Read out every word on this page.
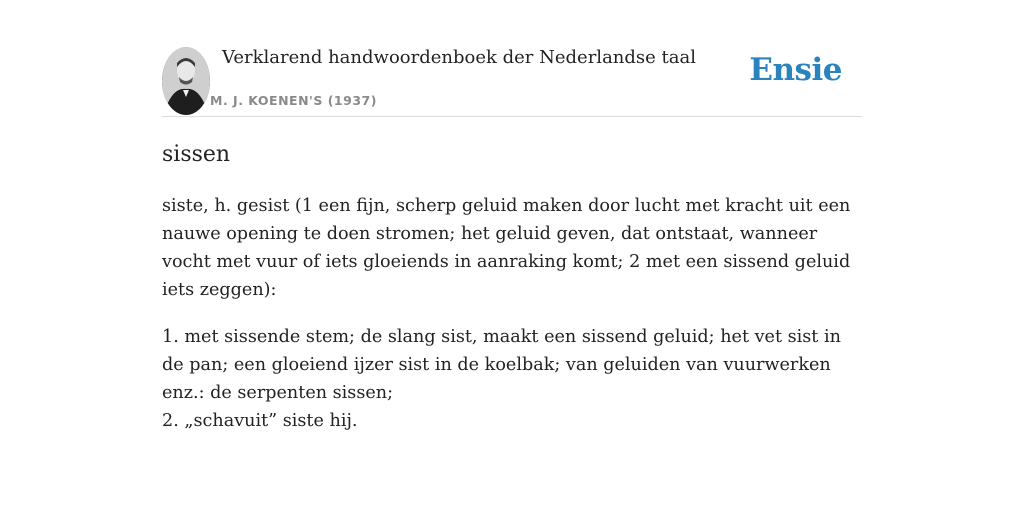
Verklarend handwoordenboek der Nederlandse taal
M. J. KOENEN'S (1937)
Ensie
sissen

siste, h. gesist (1 een fijn, scherp geluid maken door lucht met kracht uit een nauwe opening te doen stromen; het geluid geven, dat ontstaat, wanneer vocht met vuur of iets gloeiends in aanraking komt; 2 met een sissend geluid iets zeggen):

1. met sissende stem; de slang sist, maakt een sissend geluid; het vet sist in de pan; een gloeiend ijzer sist in de koelbak; van geluiden van vuurwerken enz.: de serpenten sissen;
2. „schavuit” siste hij.
